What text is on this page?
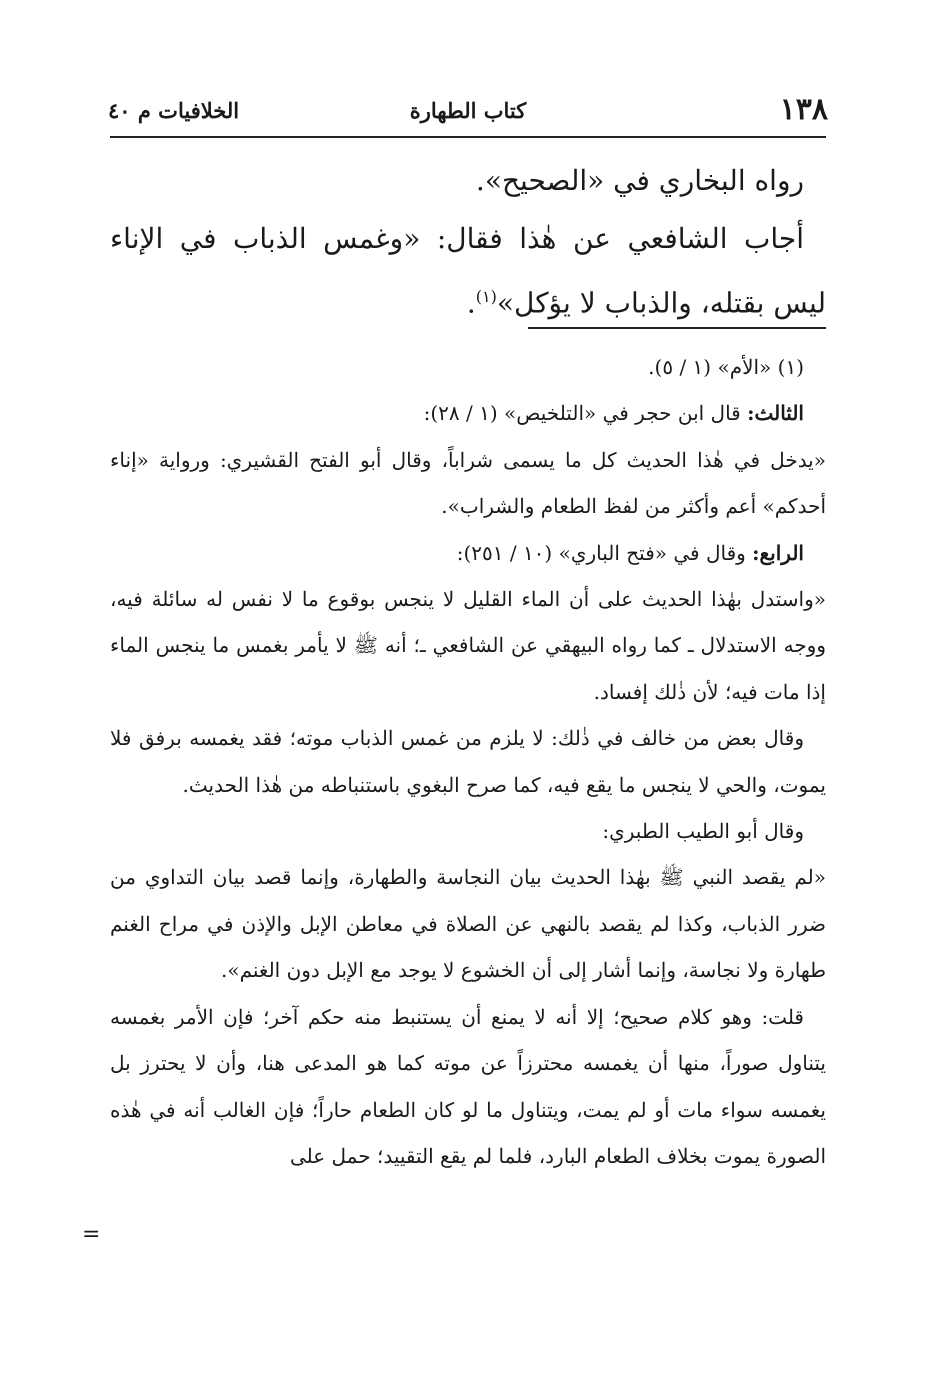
١٣٨
كتاب الطهارة
الخلافيات م ٤٠

رواه البخاري في «الصحيح».

أجاب الشافعي عن هٰذا فقال: «وغمس الذباب في الإناء ليس بقتله، والذباب لا يؤكل»$^{(١)}$.

(١) «الأم» (١ / ٥).

الثالث: قال ابن حجر في «التلخيص» (١ / ٢٨):

«يدخل في هٰذا الحديث كل ما يسمى شراباً، وقال أبو الفتح القشيري: ورواية «إناء أحدكم» أعم وأكثر من لفظ الطعام والشراب».

الرابع: وقال في «فتح الباري» (١٠ / ٢٥١):

«واستدل بهٰذا الحديث على أن الماء القليل لا ينجس بوقوع ما لا نفس له سائلة فيه، ووجه الاستدلال ـ كما رواه البيهقي عن الشافعي ـ؛ أنه ﷺ لا يأمر بغمس ما ينجس الماء إذا مات فيه؛ لأن ذٰلك إفساد.

وقال بعض من خالف في ذٰلك: لا يلزم من غمس الذباب موته؛ فقد يغمسه برفق فلا يموت، والحي لا ينجس ما يقع فيه، كما صرح البغوي باستنباطه من هٰذا الحديث.

وقال أبو الطيب الطبري:

«لم يقصد النبي ﷺ بهٰذا الحديث بيان النجاسة والطهارة، وإنما قصد بيان التداوي من ضرر الذباب، وكذا لم يقصد بالنهي عن الصلاة في معاطن الإبل والإذن في مراح الغنم طهارة ولا نجاسة، وإنما أشار إلى أن الخشوع لا يوجد مع الإبل دون الغنم».

قلت: وهو كلام صحيح؛ إلا أنه لا يمنع أن يستنبط منه حكم آخر؛ فإن الأمر بغمسه يتناول صوراً، منها أن يغمسه محترزاً عن موته كما هو المدعى هنا، وأن لا يحترز بل يغمسه سواء مات أو لم يمت، ويتناول ما لو كان الطعام حاراً؛ فإن الغالب أنه في هٰذه الصورة يموت بخلاف الطعام البارد، فلما لم يقع التقييد؛ حمل على

=
